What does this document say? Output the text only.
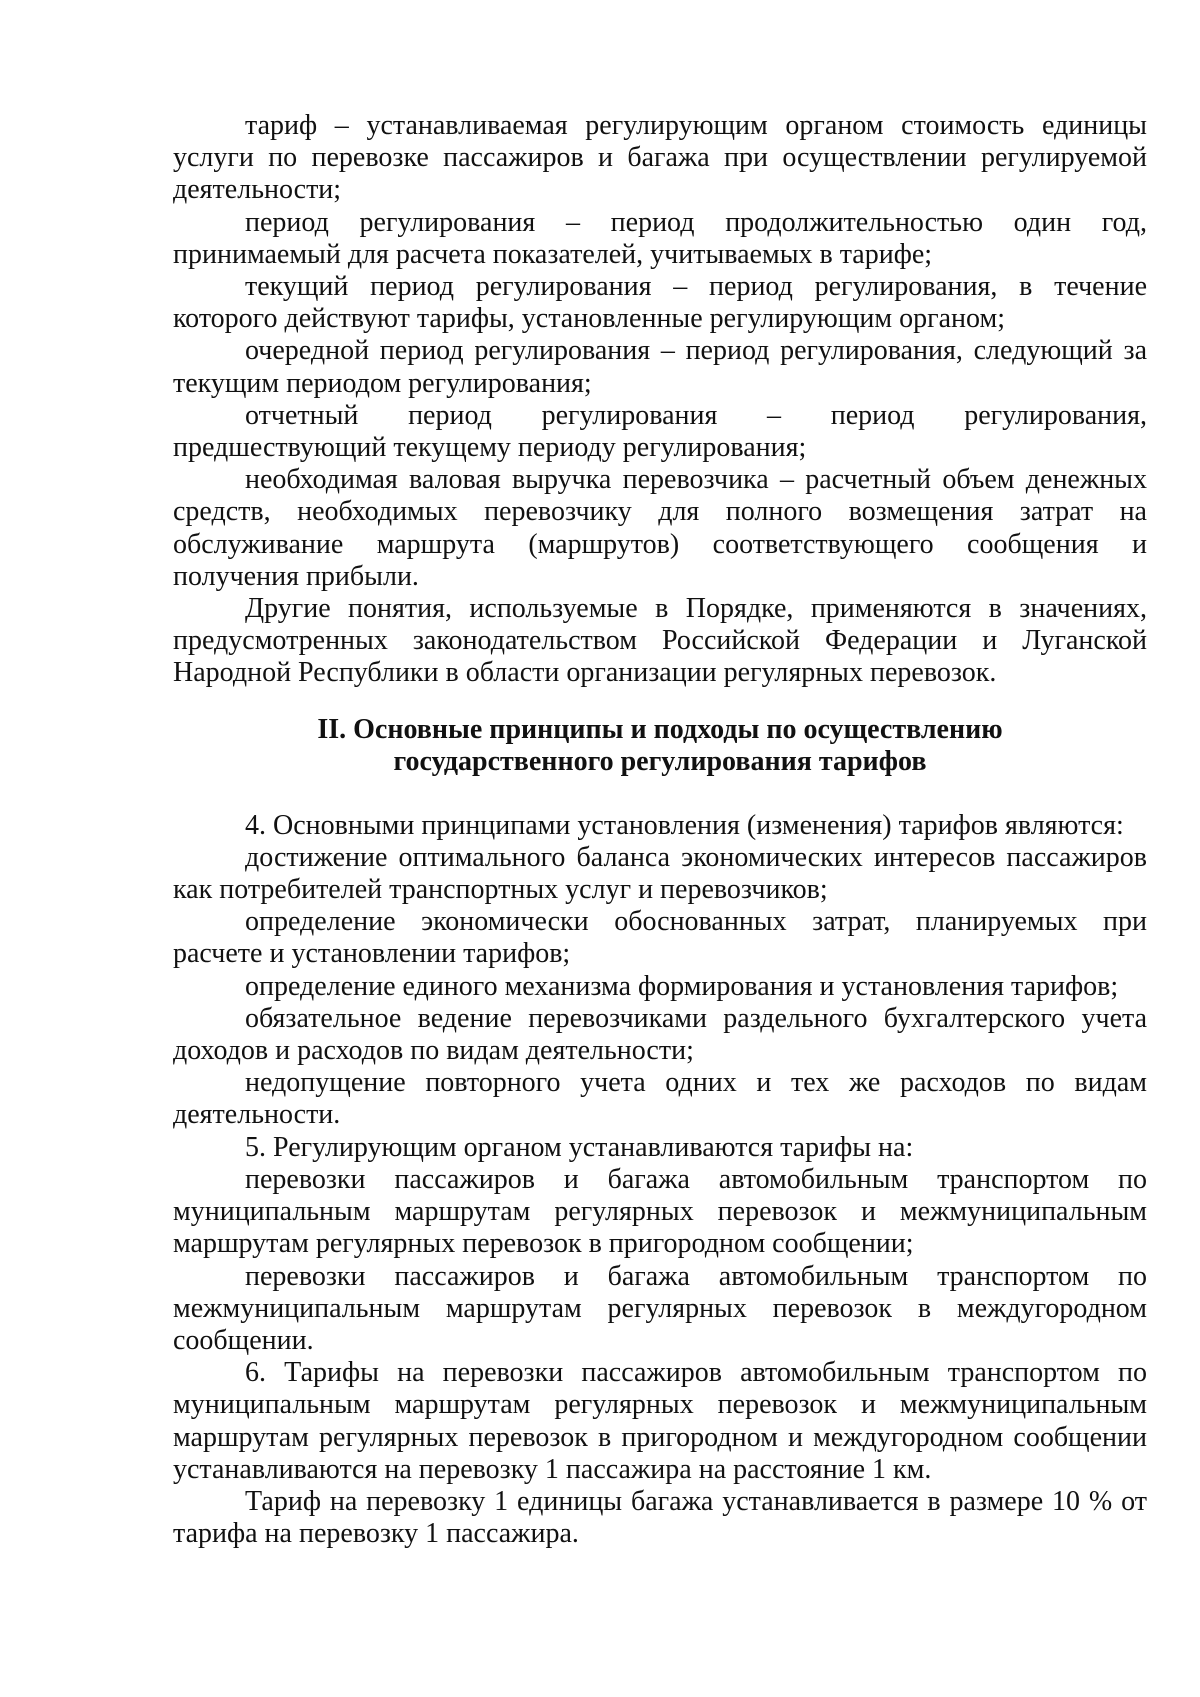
тариф – устанавливаемая регулирующим органом стоимость единицы услуги по перевозке пассажиров и багажа при осуществлении регулируемой деятельности;

период регулирования – период продолжительностью один год, принимаемый для расчета показателей, учитываемых в тарифе;

текущий период регулирования – период регулирования, в течение которого действуют тарифы, установленные регулирующим органом;

очередной период регулирования – период регулирования, следующий за текущим периодом регулирования;

отчетный период регулирования – период регулирования, предшествующий текущему периоду регулирования;

необходимая валовая выручка перевозчика – расчетный объем денежных средств, необходимых перевозчику для полного возмещения затрат на обслуживание маршрута (маршрутов) соответствующего сообщения и получения прибыли.

Другие понятия, используемые в Порядке, применяются в значениях, предусмотренных законодательством Российской Федерации и Луганской Народной Республики в области организации регулярных перевозок.

II. Основные принципы и подходы по осуществлению
государственного регулирования тарифов

4. Основными принципами установления (изменения) тарифов являются:

достижение оптимального баланса экономических интересов пассажиров как потребителей транспортных услуг и перевозчиков;

определение экономически обоснованных затрат, планируемых при расчете и установлении тарифов;

определение единого механизма формирования и установления тарифов;

обязательное ведение перевозчиками раздельного бухгалтерского учета доходов и расходов по видам деятельности;

недопущение повторного учета одних и тех же расходов по видам деятельности.

5. Регулирующим органом устанавливаются тарифы на:

перевозки пассажиров и багажа автомобильным транспортом по муниципальным маршрутам регулярных перевозок и межмуниципальным маршрутам регулярных перевозок в пригородном сообщении;

перевозки пассажиров и багажа автомобильным транспортом по межмуниципальным маршрутам регулярных перевозок в междугородном сообщении.

6. Тарифы на перевозки пассажиров автомобильным транспортом по муниципальным маршрутам регулярных перевозок и межмуниципальным маршрутам регулярных перевозок в пригородном и междугородном сообщении устанавливаются на перевозку 1 пассажира на расстояние 1 км.

Тариф на перевозку 1 единицы багажа устанавливается в размере 10 % от тарифа на перевозку 1 пассажира.
